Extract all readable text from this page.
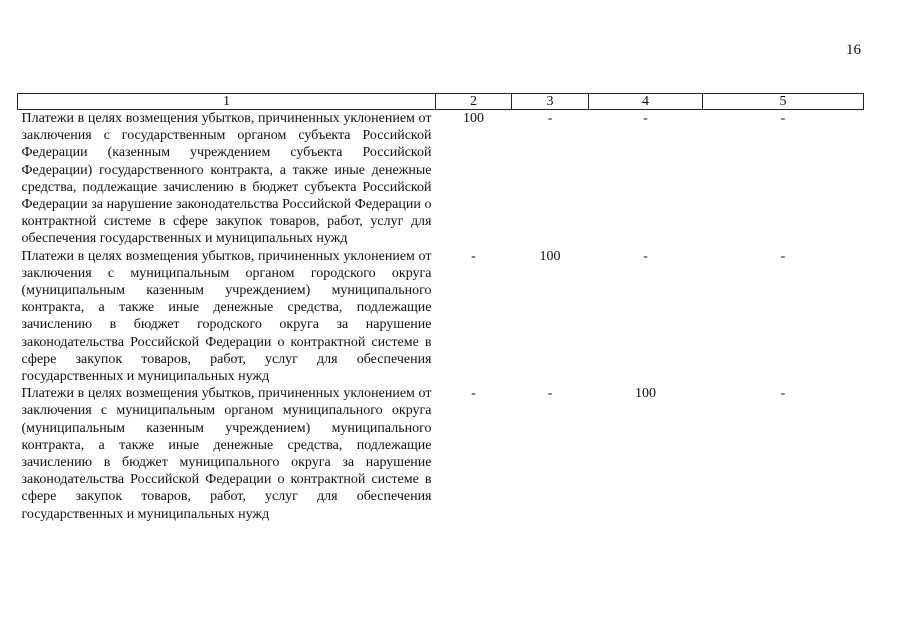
16
1	2	3	4	5
Платежи в целях возмещения убытков, причиненных уклонением от заключения с государственным органом субъекта Российской Федерации (казенным учреждением субъекта Российской Федерации) государственного контракта, а также иные денежные средства, подлежащие зачислению в бюджет субъекта Российской Федерации за нарушение законодательства Российской Федерации о контрактной системе в сфере закупок товаров, работ, услуг для обеспечения государственных и муниципальных нужд	100	-	-	-
Платежи в целях возмещения убытков, причиненных уклонением от заключения с муниципальным органом городского округа (муниципальным казенным учреждением) муниципального контракта, а также иные денежные средства, подлежащие зачислению в бюджет городского округа за нарушение законодательства Российской Федерации о контрактной системе в сфере закупок товаров, работ, услуг для обеспечения государственных и муниципальных нужд	-	100	-	-
Платежи в целях возмещения убытков, причиненных уклонением от заключения с муниципальным органом муниципального округа (муниципальным казенным учреждением) муниципального контракта, а также иные денежные средства, подлежащие зачислению в бюджет муниципального округа за нарушение законодательства Российской Федерации о контрактной системе в сфере закупок товаров, работ, услуг для обеспечения государственных и муниципальных нужд	-	-	100	-
